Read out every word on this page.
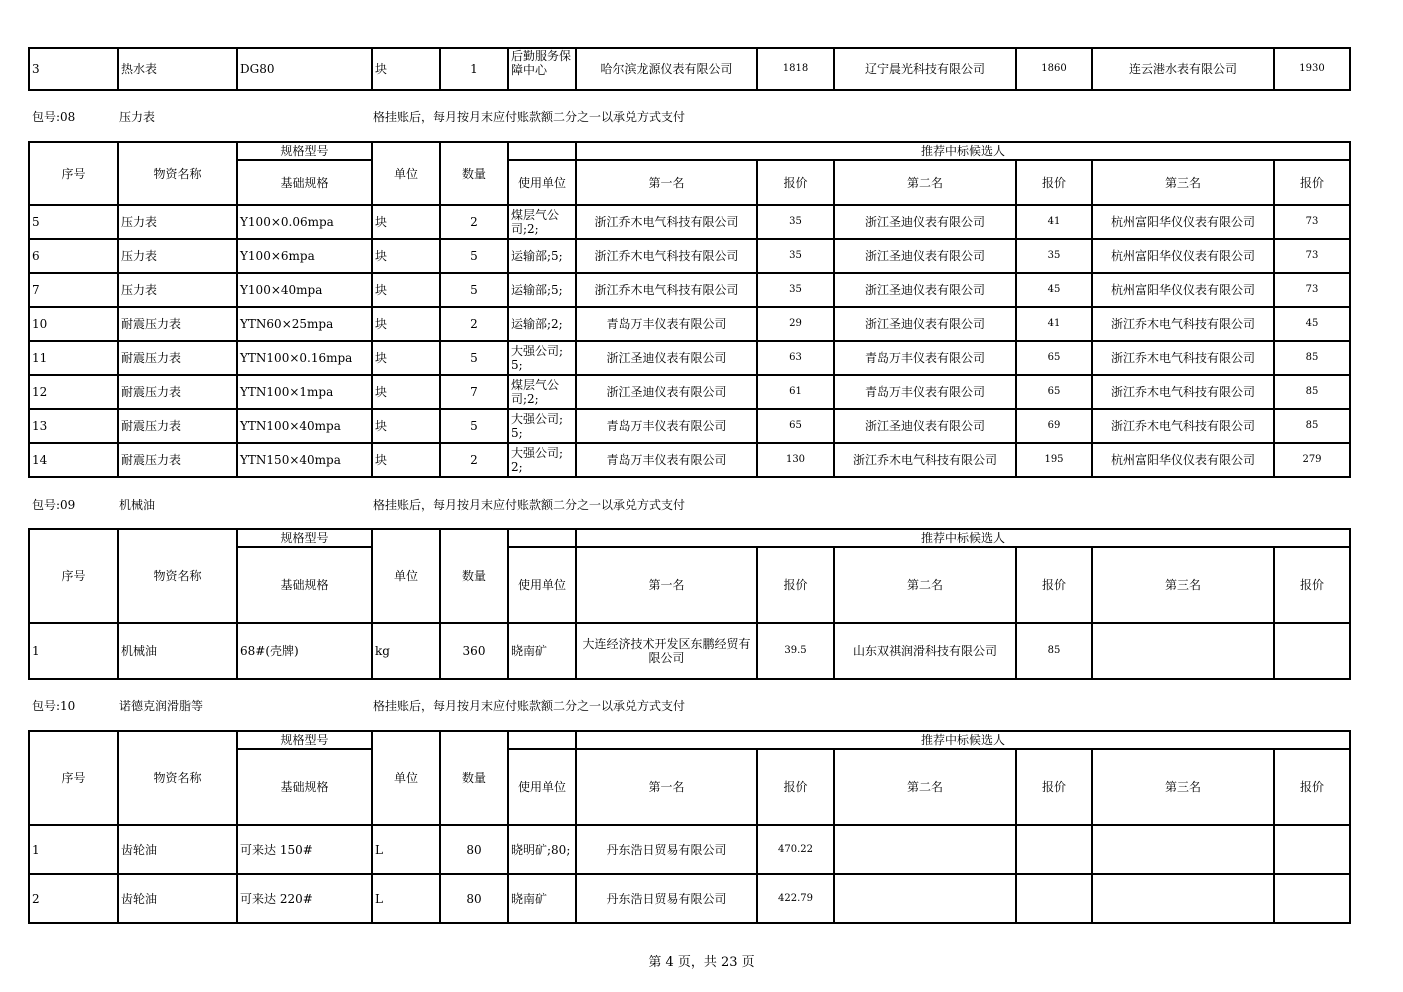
3	热水表	DG80	块	1	后勤服务保障中心	哈尔滨龙源仪表有限公司	1818	辽宁晨光科技有限公司	1860	连云港水表有限公司	1930
包号:08	压力表	格挂账后，每月按月末应付账款额二分之一以承兑方式支付
包号:09	机械油	格挂账后，每月按月末应付账款额二分之一以承兑方式支付
包号:10	诺德克润滑脂等	格挂账后，每月按月末应付账款额二分之一以承兑方式支付
序号	物资名称	规格型号	单位	数量		推荐中标候选人					
		基础规格			使用单位	第一名	报价	第二名	报价	第三名	报价
5	压力表	Y100×0.06mpa	块	2	煤层气公司;2;	浙江乔木电气科技有限公司	35	浙江圣迪仪表有限公司	41	杭州富阳华仪仪表有限公司	73
6	压力表	Y100×6mpa	块	5	运输部;5;	浙江乔木电气科技有限公司	35	浙江圣迪仪表有限公司	35	杭州富阳华仪仪表有限公司	73
7	压力表	Y100×40mpa	块	5	运输部;5;	浙江乔木电气科技有限公司	35	浙江圣迪仪表有限公司	45	杭州富阳华仪仪表有限公司	73
10	耐震压力表	YTN60×25mpa	块	2	运输部;2;	青岛万丰仪表有限公司	29	浙江圣迪仪表有限公司	41	浙江乔木电气科技有限公司	45
11	耐震压力表	YTN100×0.16mpa	块	5	大强公司;5;	浙江圣迪仪表有限公司	63	青岛万丰仪表有限公司	65	浙江乔木电气科技有限公司	85
12	耐震压力表	YTN100×1mpa	块	7	煤层气公司;2;	浙江圣迪仪表有限公司	61	青岛万丰仪表有限公司	65	浙江乔木电气科技有限公司	85
13	耐震压力表	YTN100×40mpa	块	5	大强公司;5;	青岛万丰仪表有限公司	65	浙江圣迪仪表有限公司	69	浙江乔木电气科技有限公司	85
14	耐震压力表	YTN150×40mpa	块	2	大强公司;2;	青岛万丰仪表有限公司	130	浙江乔木电气科技有限公司	195	杭州富阳华仪仪表有限公司	279
序号	物资名称	规格型号	单位	数量		推荐中标候选人					
		基础规格			使用单位	第一名	报价	第二名	报价	第三名	报价
1	机械油	68#(壳牌)	kg	360	晓南矿	大连经济技术开发区东鹏经贸有限公司	39.5	山东双祺润滑科技有限公司	85		
序号	物资名称	规格型号	单位	数量		推荐中标候选人					
		基础规格			使用单位	第一名	报价	第二名	报价	第三名	报价
1	齿轮油	可来达 150#	L	80	晓明矿;80;	丹东浩日贸易有限公司	470.22				
2	齿轮油	可来达 220#	L	80	晓南矿	丹东浩日贸易有限公司	422.79				
第 4 页，共 23 页
